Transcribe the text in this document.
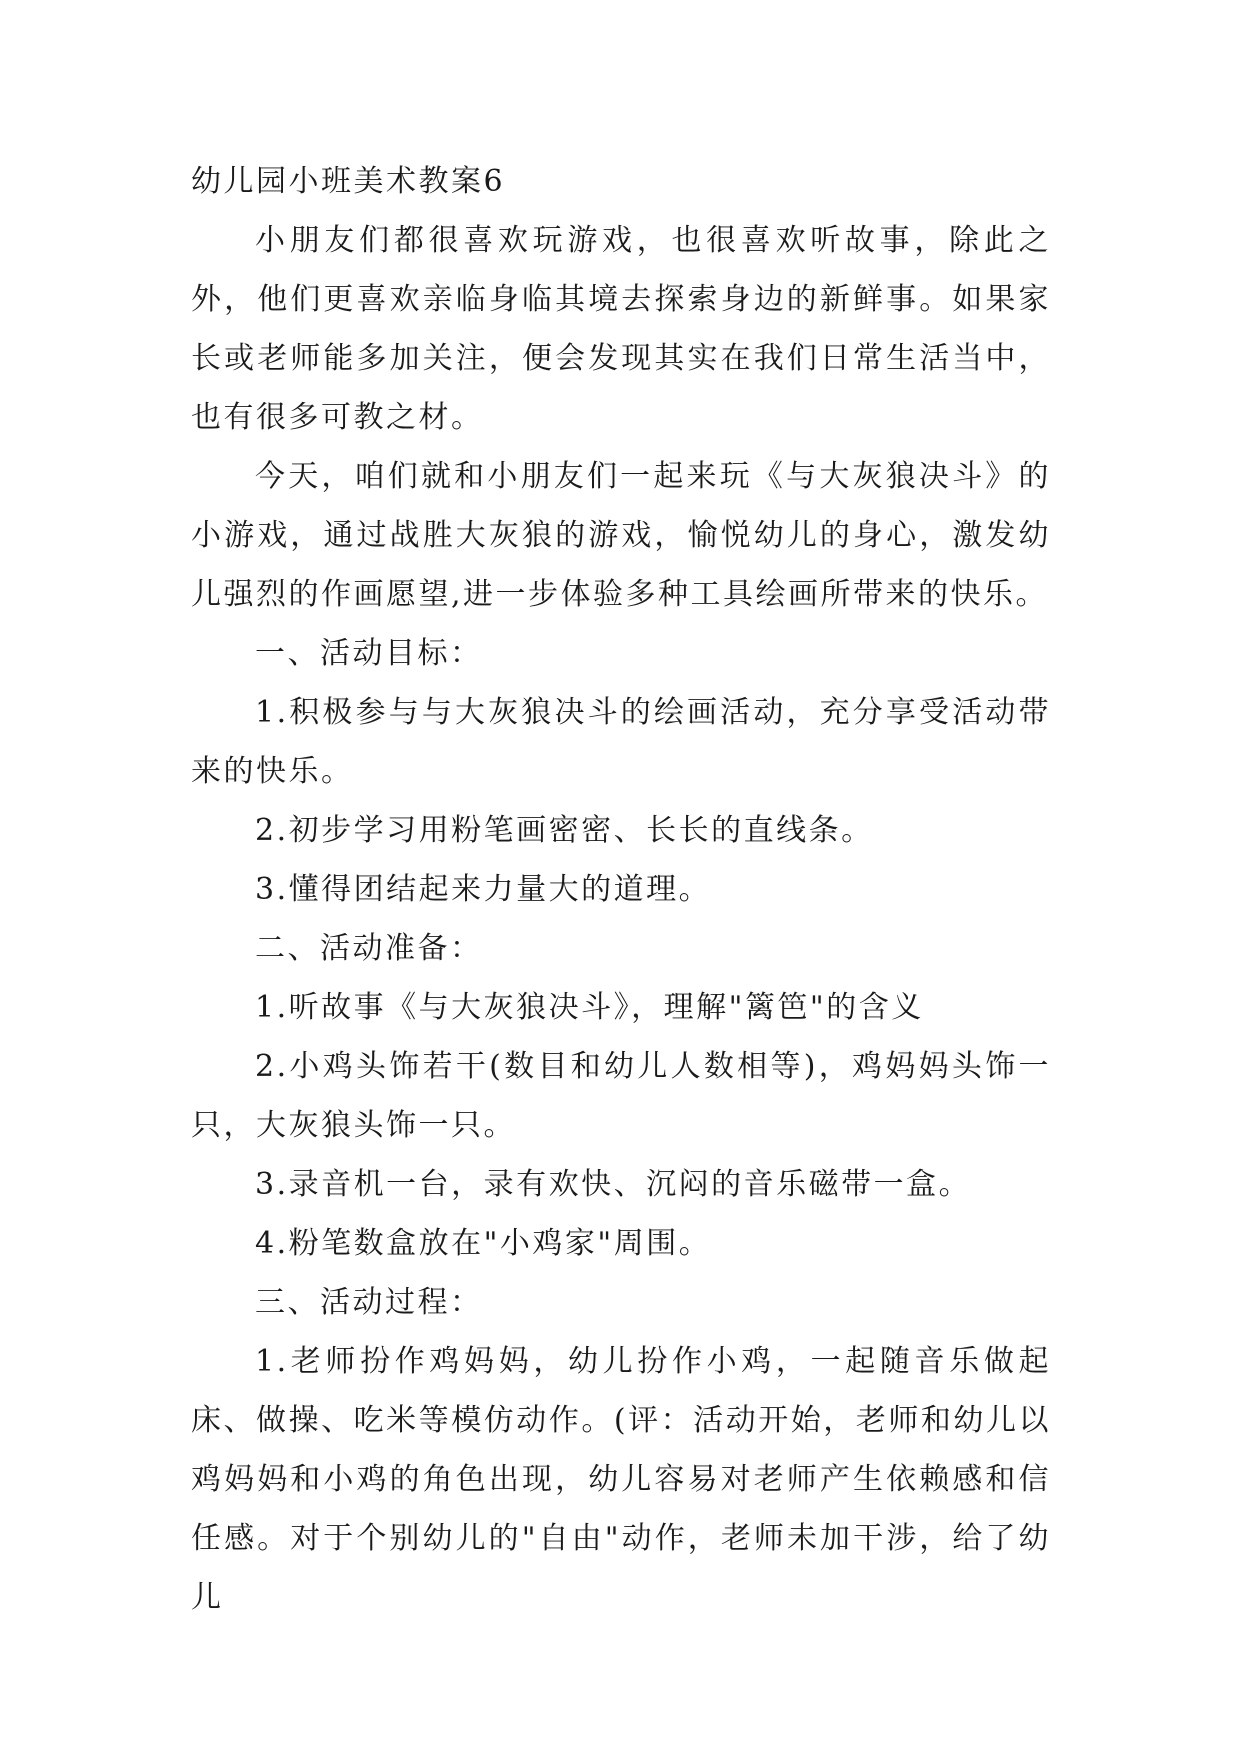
幼儿园小班美术教案6

小朋友们都很喜欢玩游戏，也很喜欢听故事，除此之外，他们更喜欢亲临身临其境去探索身边的新鲜事。如果家长或老师能多加关注，便会发现其实在我们日常生活当中，也有很多可教之材。

今天，咱们就和小朋友们一起来玩《与大灰狼决斗》的小游戏，通过战胜大灰狼的游戏，愉悦幼儿的身心，激发幼儿强烈的作画愿望,进一步体验多种工具绘画所带来的快乐。

一、活动目标：

1.积极参与与大灰狼决斗的绘画活动，充分享受活动带来的快乐。

2.初步学习用粉笔画密密、长长的直线条。

3.懂得团结起来力量大的道理。

二、活动准备：

1.听故事《与大灰狼决斗》，理解"篱笆"的含义

2.小鸡头饰若干(数目和幼儿人数相等)，鸡妈妈头饰一只，大灰狼头饰一只。

3.录音机一台，录有欢快、沉闷的音乐磁带一盒。

4.粉笔数盒放在"小鸡家"周围。

三、活动过程：

1.老师扮作鸡妈妈，幼儿扮作小鸡，一起随音乐做起床、做操、吃米等模仿动作。(评：活动开始，老师和幼儿以鸡妈妈和小鸡的角色出现，幼儿容易对老师产生依赖感和信任感。对于个别幼儿的"自由"动作，老师未加干涉，给了幼儿
